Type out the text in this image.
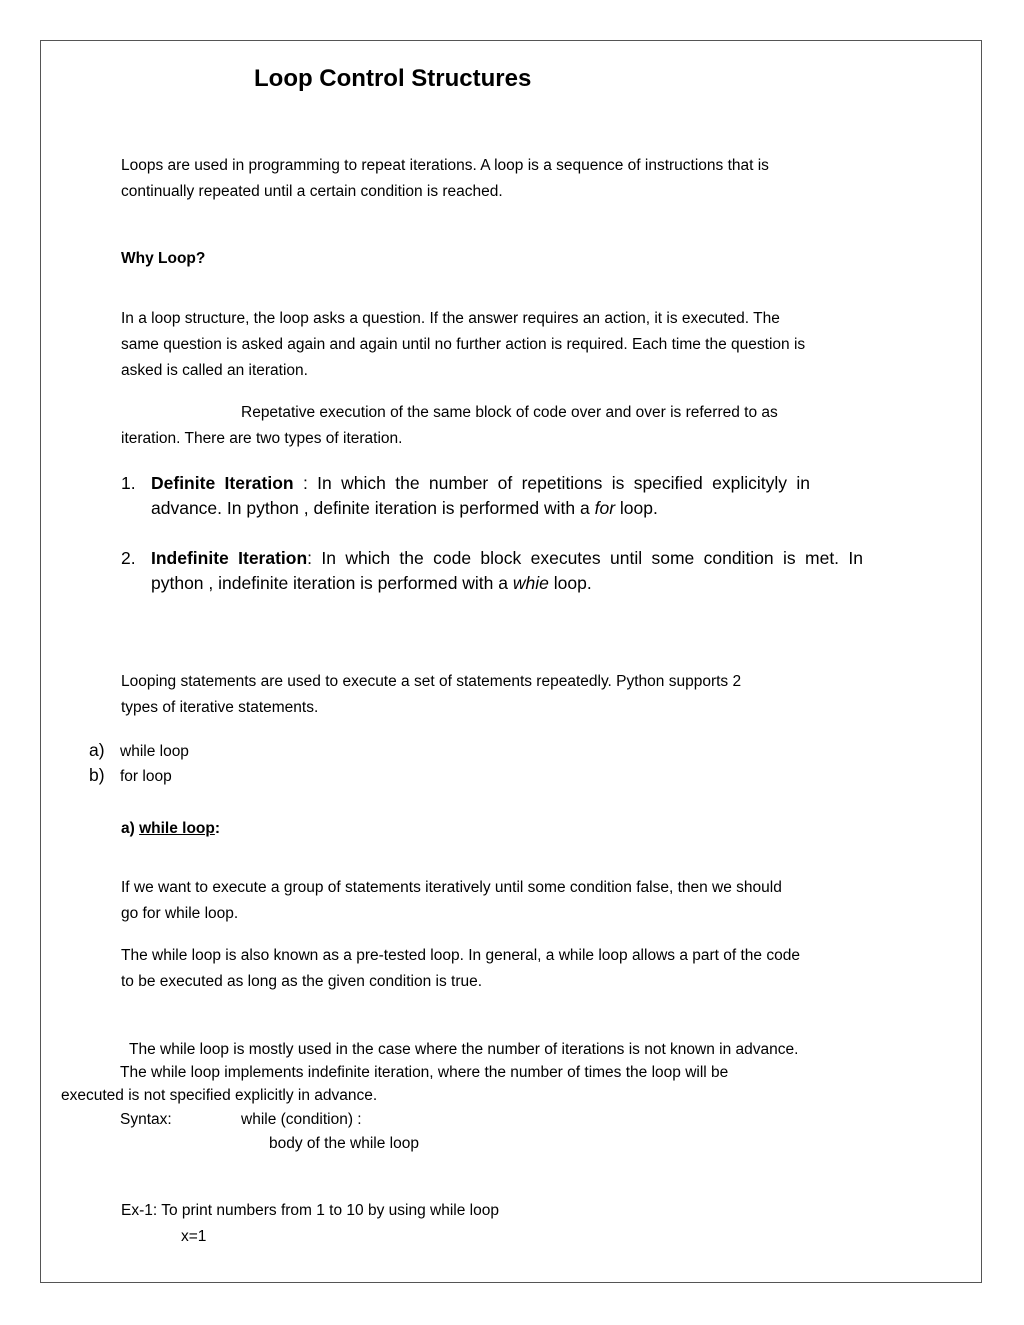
Loop Control Structures

Loops are used in programming to repeat iterations. A loop is a sequence of instructions that is

continually repeated until a certain condition is reached.

Why Loop?

In a loop structure, the loop asks a question. If the answer requires an action, it is executed. The

same question is asked again and again until no further action is required. Each time the question is

asked is called an iteration.

Repetative execution of the same block of code over and over is referred to as

iteration. There are two types of iteration.

1. Definite Iteration : In which the number of repetitions is specified explicityly in

advance. In python , definite iteration is performed with a for loop.

2. Indefinite Iteration: In which the code block executes until some condition is met. In

python , indefinite iteration is performed with a whie loop.

Looping statements are used to execute a set of statements repeatedly. Python supports 2

types of iterative statements.

a) while loop
b) for loop

a) while loop:

If we want to execute a group of statements iteratively until some condition false, then we should

go for while loop.

The while loop is also known as a pre-tested loop. In general, a while loop allows a part of the code

to be executed as long as the given condition is true.

The while loop is mostly used in the case where the number of iterations is not known in advance.

The while loop implements indefinite iteration, where the number of times the loop will be

executed is not specified explicitly in advance.

Syntax:	while (condition) :
body of the while loop

Ex-1: To print numbers from 1 to 10 by using while loop

x=1
